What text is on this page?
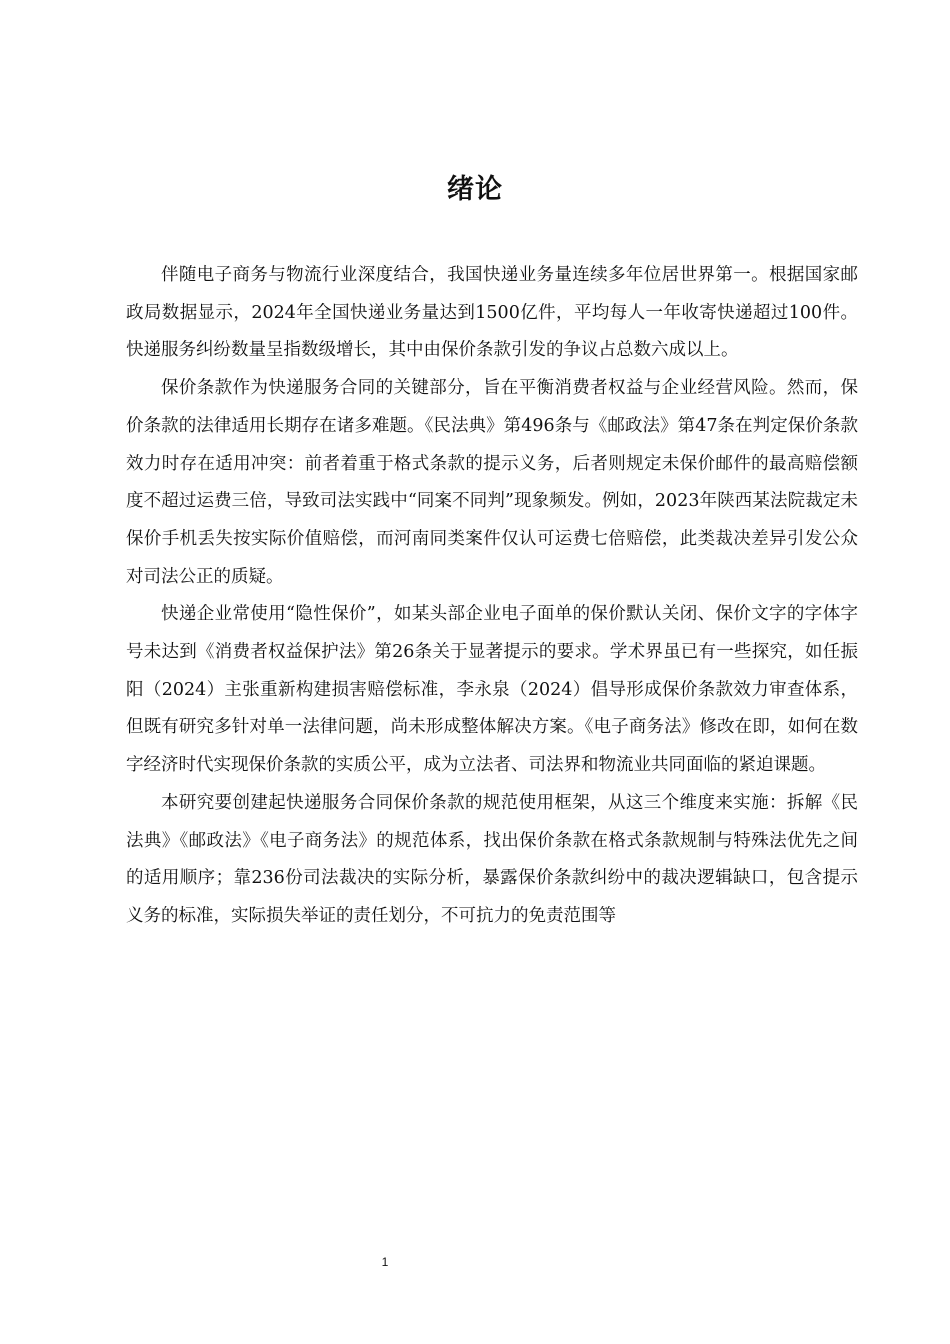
绪论

伴随电子商务与物流行业深度结合，我国快递业务量连续多年位居世界第一。根据国家邮政局数据显示，2024年全国快递业务量达到1500亿件，平均每人一年收寄快递超过100件。快递服务纠纷数量呈指数级增长，其中由保价条款引发的争议占总数六成以上。

保价条款作为快递服务合同的关键部分，旨在平衡消费者权益与企业经营风险。然而，保价条款的法律适用长期存在诸多难题。《民法典》第496条与《邮政法》第47条在判定保价条款效力时存在适用冲突：前者着重于格式条款的提示义务，后者则规定未保价邮件的最高赔偿额度不超过运费三倍，导致司法实践中“同案不同判”现象频发。例如，2023年陕西某法院裁定未保价手机丢失按实际价值赔偿，而河南同类案件仅认可运费七倍赔偿，此类裁决差异引发公众对司法公正的质疑。

快递企业常使用“隐性保价”，如某头部企业电子面单的保价默认关闭、保价文字的字体字号未达到《消费者权益保护法》第26条关于显著提示的要求。学术界虽已有一些探究，如任振阳（2024）主张重新构建损害赔偿标准，李永泉（2024）倡导形成保价条款效力审查体系，但既有研究多针对单一法律问题，尚未形成整体解决方案。《电子商务法》修改在即，如何在数字经济时代实现保价条款的实质公平，成为立法者、司法界和物流业共同面临的紧迫课题。

本研究要创建起快递服务合同保价条款的规范使用框架，从这三个维度来实施：拆解《民法典》《邮政法》《电子商务法》的规范体系，找出保价条款在格式条款规制与特殊法优先之间的适用顺序；靠236份司法裁决的实际分析，暴露保价条款纠纷中的裁决逻辑缺口，包含提示义务的标准，实际损失举证的责任划分，不可抗力的免责范围等

1
